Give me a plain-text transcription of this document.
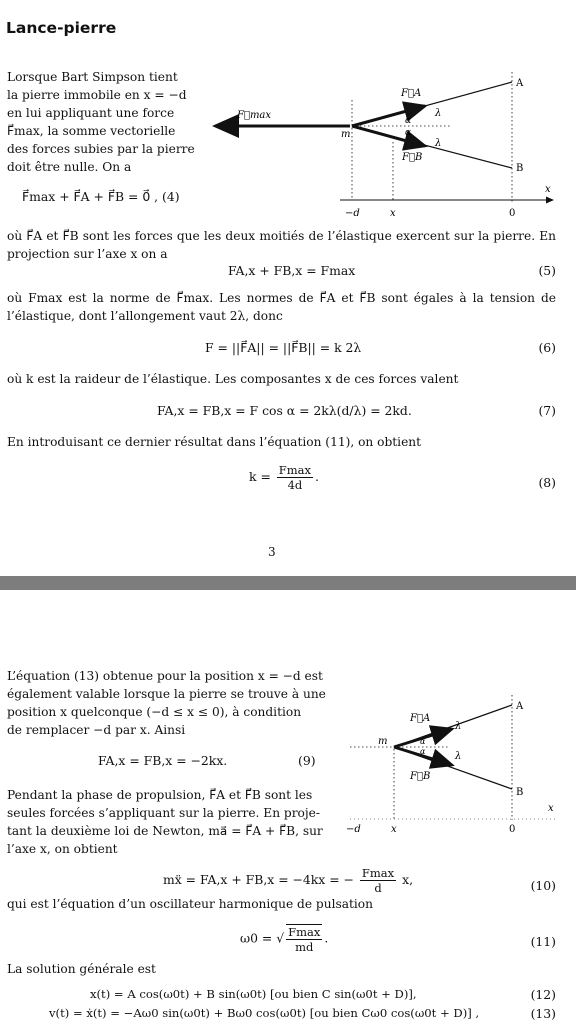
Lance-pierre
Lorsque Bart Simpson tient
la pierre immobile en x = −d
en lui appliquant une force
F⃗max, la somme vectorielle
des forces subies par la pierre
doit être nulle. On a
F⃗max + F⃗A + F⃗B = 0⃗ , (4)
F⃗max
F⃗A
F⃗B
m
α
α
λ
λ
A
B
x
−d	x	0
où F⃗A et F⃗B sont les forces que les deux moitiés de l’élastique exercent sur la pierre. En projection sur l’axe x on a
FA,x + FB,x = Fmax	(5)
où Fmax est la norme de F⃗max. Les normes de F⃗A et F⃗B sont égales à la tension de l’élastique, dont l’allongement vaut 2λ, donc
F = ||F⃗A|| = ||F⃗B|| = k 2λ	(6)
où k est la raideur de l’élastique. Les composantes x de ces forces valent
FA,x = FB,x = F cos α = 2kλ(d/λ) = 2kd.	(7)
En introduisant ce dernier résultat dans l’équation (11), on obtient
$k = \frac{Fmax}{4d}$ .	(8)
3
L’équation (13) obtenue pour la position x = −d est
également valable lorsque la pierre se trouve à une
position x quelconque (−d ≤ x ≤ 0), à condition
de remplacer −d par x. Ainsi
FA,x = FB,x = −2kx.	(9)
Pendant la phase de propulsion, F⃗A et F⃗B sont les
seules forcées s’appliquant sur la pierre. En proje-
tant la deuxième loi de Newton, ma⃗ = F⃗A + F⃗B, sur
l’axe x, on obtient
F⃗A
F⃗B
m	α
α
λ
λ
A
B
x
−d	x	0
mẍ = FA,x + FB,x = −4kx = − $\frac{Fmax}{d} x$,	(10)
qui est l’équation d’un oscillateur harmonique de pulsation
ω0 = √ $\frac{Fmax}{md}$ .	(11)
La solution générale est
x(t) = A cos(ω0t) + B sin(ω0t) [ou bien C sin(ω0t + D)],	(12)
v(t) = ẋ(t) = −Aω0 sin(ω0t) + Bω0 cos(ω0t) [ou bien Cω0 cos(ω0t + D)] ,	(13)
